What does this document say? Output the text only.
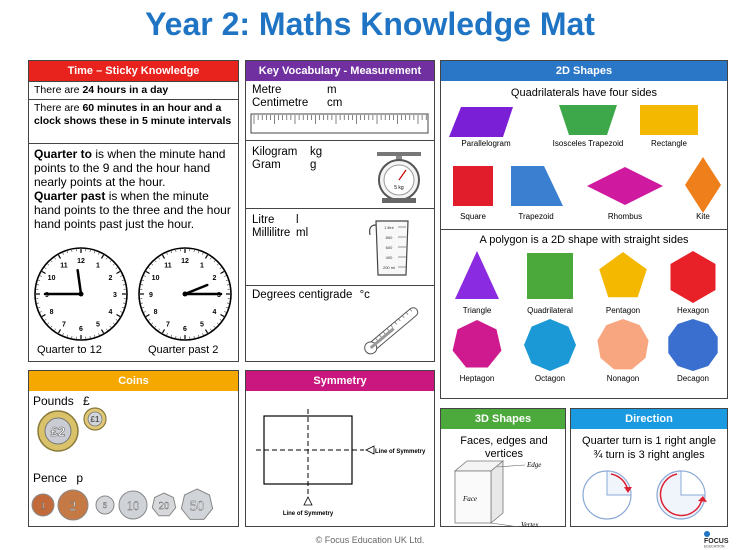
Year 2: Maths Knowledge Mat
Time – Sticky Knowledge
There are 24 hours in a day
There are 60 minutes in an hour and a clock shows these in 5 minute intervals
Quarter to is when the minute hand points to the 9 and the hour hand nearly points at the hour.
Quarter past is when the minute hand points to the three and the hour hand points past just the hour.
12
1
2
3
4
5
6
7
8
9
10
11
12
1
2
3
4
5
6
7
8
9
10
11
Quarter to 12	Quarter past 2
Key Vocabulary - Measurement
Metre	m
Centimetre cm
Kilogram kg
Gram	g
5 kg
Litre l
Millilitre ml	1 litre
800
600
400
200 ml
Degrees centigrade °c
2D Shapes
Quadrilaterals have four sides
Parallelogram	Isosceles Trapezoid	Rectangle
Square	Trapezoid	Rhombus	Kite
A polygon is a 2D shape with straight sides
Triangle	Quadrilateral	Pentagon	Hexagon
Heptagon	Octagon	Nonagon	Decagon
Coins
Pounds £
£2
£1
Pence p
1 2	5 10 20 50
Symmetry
Line of Symmetry
Line of Symmetry
3D Shapes
Faces, edges and vertices
Edge
Face
Vertex
Direction
Quarter turn is 1 right angle
¾ turn is 3 right angles
© Focus Education UK Ltd.	FOCUS
EDUCATION
